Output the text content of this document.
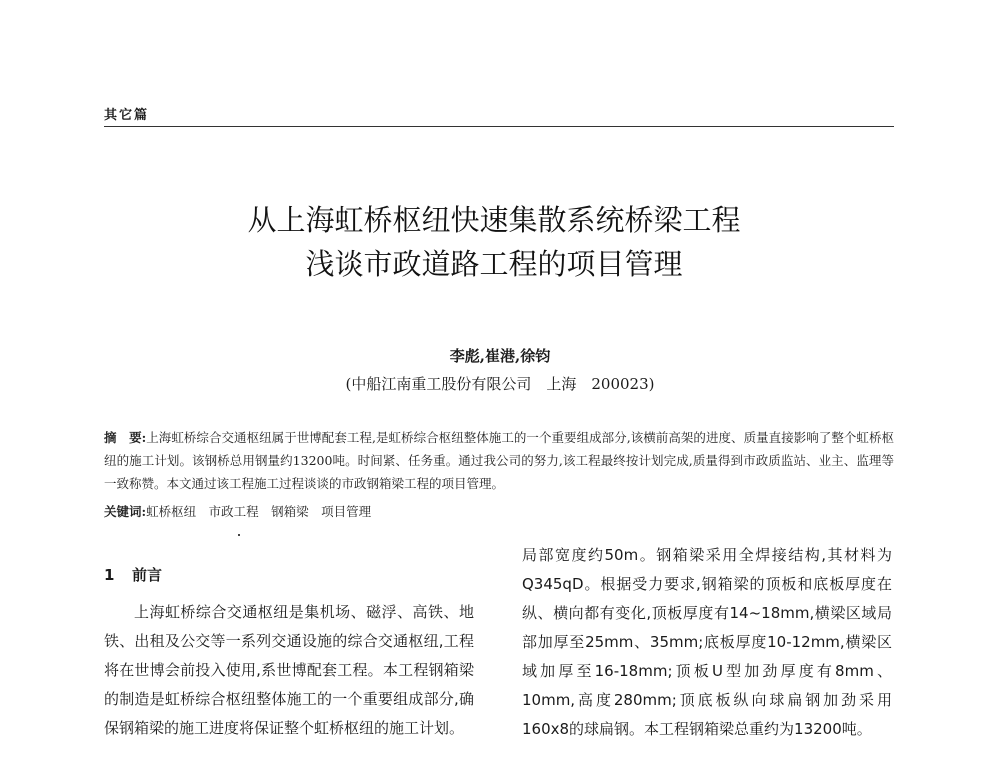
其它篇
从上海虹桥枢纽快速集散系统桥梁工程
浅谈市政道路工程的项目管理
李彪,崔港,徐钧
(中船江南重工股份有限公司　上海　200023)
摘　要:上海虹桥综合交通枢纽属于世博配套工程,是虹桥综合枢纽整体施工的一个重要组成部分,该横前高架的进度、质量直接影响了整个虹桥枢纽的施工计划。该钢桥总用钢量约13200吨。时间紧、任务重。通过我公司的努力,该工程最终按计划完成,质量得到市政质监站、业主、监理等一致称赞。本文通过该工程施工过程谈谈的市政钢箱梁工程的项目管理。
关键词:虹桥枢纽　市政工程　钢箱梁　项目管理
1 前言

上海虹桥综合交通枢纽是集机场、磁浮、高铁、地铁、出租及公交等一系列交通设施的综合交通枢纽,工程将在世博会前投入使用,系世博配套工程。本工程钢箱梁的制造是虹桥综合枢纽整体施工的一个重要组成部分,确保钢箱梁的施工进度将保证整个虹桥枢纽的施工计划。

局部宽度约50m。钢箱梁采用全焊接结构,其材料为Q345qD。根据受力要求,钢箱梁的顶板和底板厚度在纵、横向都有变化,顶板厚度有14~18mm,横梁区域局部加厚至25mm、35mm;底板厚度10-12mm,横梁区域加厚至16-18mm;顶板U型加劲厚度有8mm、10mm,高度280mm;顶底板纵向球扁钢加劲采用160x8的球扁钢。本工程钢箱梁总重约为13200吨。
